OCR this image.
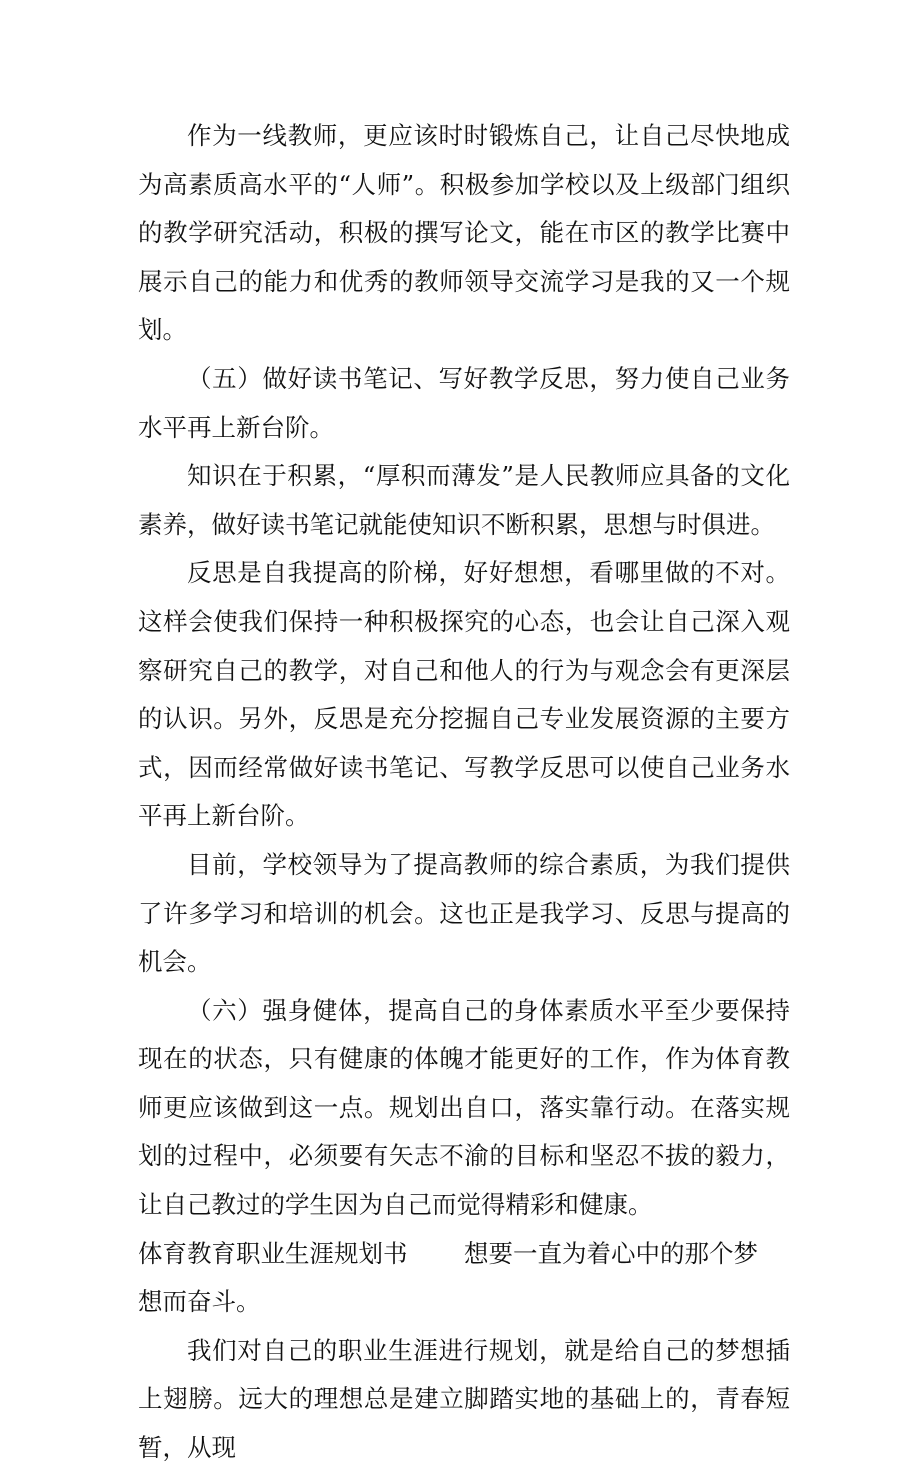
作为一线教师，更应该时时锻炼自己，让自己尽快地成为高素质高水平的“人师”。积极参加学校以及上级部门组织的教学研究活动，积极的撰写论文，能在市区的教学比赛中展示自己的能力和优秀的教师领导交流学习是我的又一个规划。

（五）做好读书笔记、写好教学反思，努力使自己业务水平再上新台阶。

知识在于积累，“厚积而薄发”是人民教师应具备的文化素养，做好读书笔记就能使知识不断积累，思想与时俱进。

反思是自我提高的阶梯，好好想想，看哪里做的不对。这样会使我们保持一种积极探究的心态，也会让自己深入观察研究自己的教学，对自己和他人的行为与观念会有更深层的认识。另外，反思是充分挖掘自己专业发展资源的主要方式，因而经常做好读书笔记、写教学反思可以使自己业务水平再上新台阶。

目前，学校领导为了提高教师的综合素质，为我们提供了许多学习和培训的机会。这也正是我学习、反思与提高的机会。

（六）强身健体，提高自己的身体素质水平至少要保持现在的状态，只有健康的体魄才能更好的工作，作为体育教师更应该做到这一点。规划出自口，落实靠行动。在落实规划的过程中，必须要有矢志不渝的目标和坚忍不拔的毅力，让自己教过的学生因为自己而觉得精彩和健康。

体育教育职业生涯规划书 想要一直为着心中的那个梦

想而奋斗。

我们对自己的职业生涯进行规划，就是给自己的梦想插上翅膀。远大的理想总是建立脚踏实地的基础上的，青春短暂，从现
